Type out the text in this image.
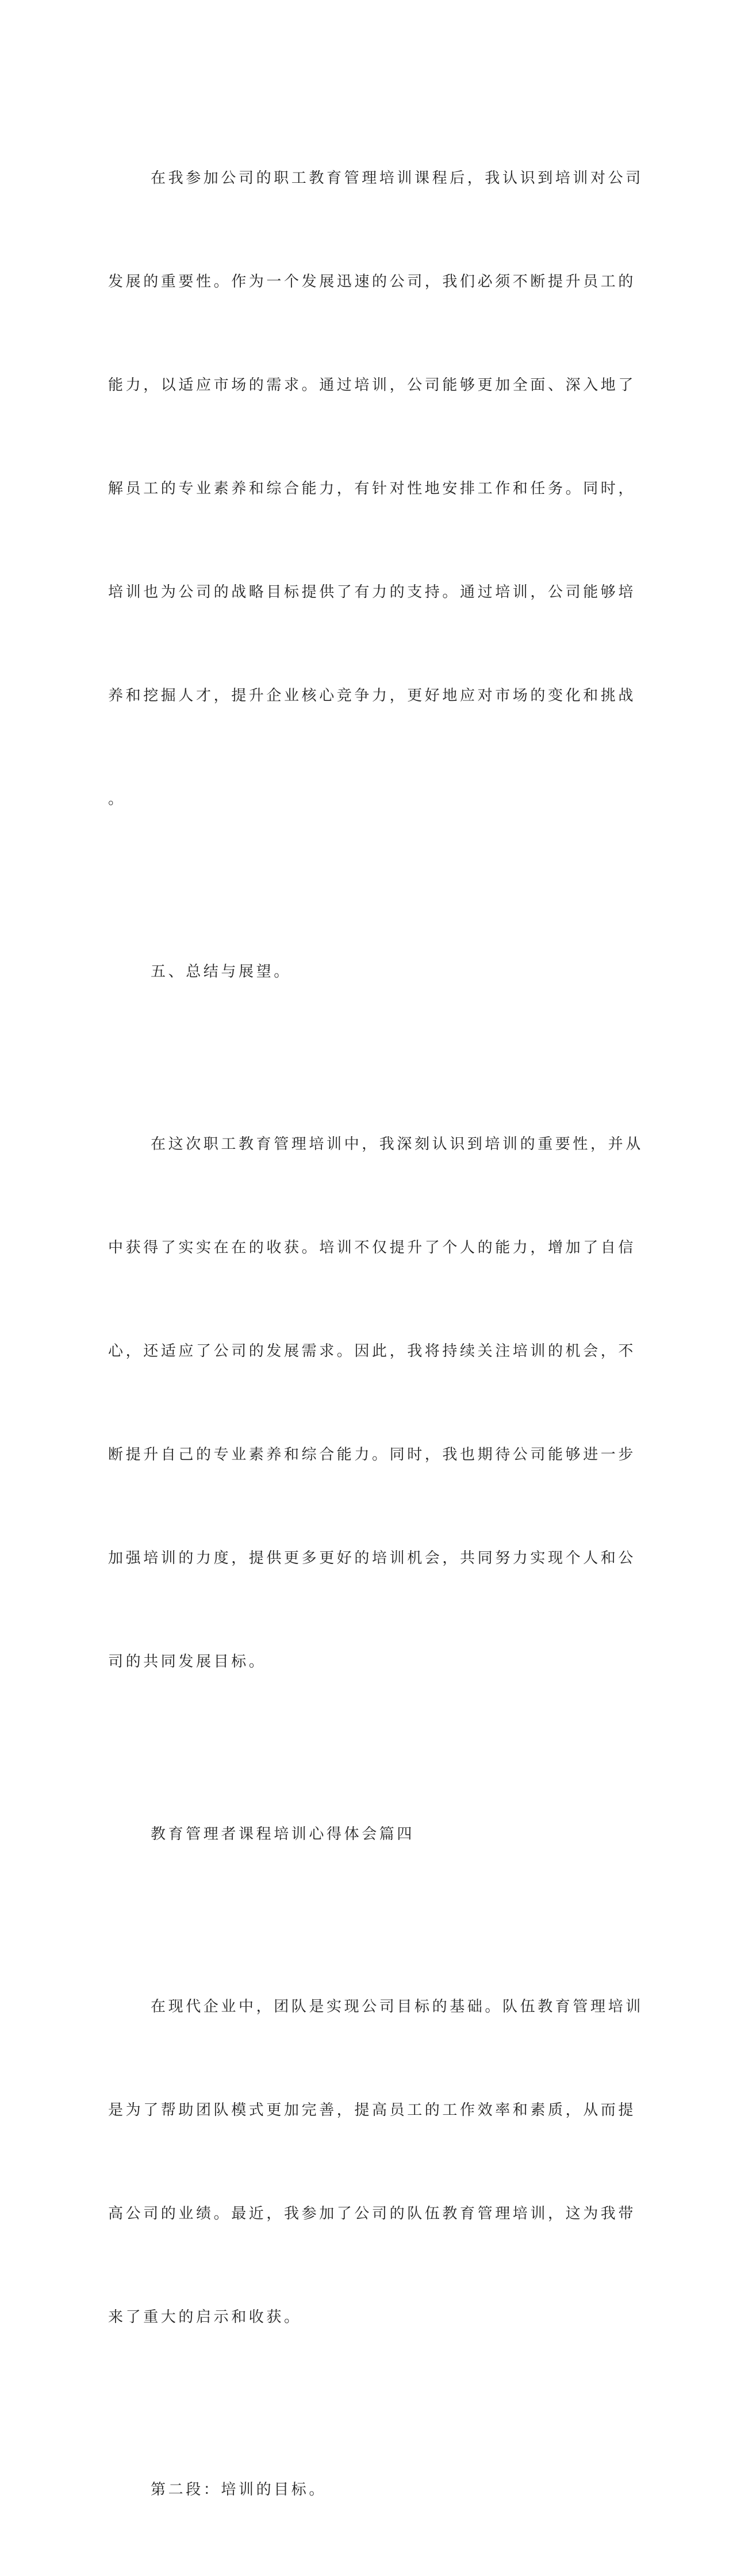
在我参加公司的职工教育管理培训课程后，我认识到培训对公司

发展的重要性。作为一个发展迅速的公司，我们必须不断提升员工的

能力，以适应市场的需求。通过培训，公司能够更加全面、深入地了

解员工的专业素养和综合能力，有针对性地安排工作和任务。同时，

培训也为公司的战略目标提供了有力的支持。通过培训，公司能够培

养和挖掘人才，提升企业核心竞争力，更好地应对市场的变化和挑战

。

五、总结与展望。

在这次职工教育管理培训中，我深刻认识到培训的重要性，并从

中获得了实实在在的收获。培训不仅提升了个人的能力，增加了自信

心，还适应了公司的发展需求。因此，我将持续关注培训的机会，不

断提升自己的专业素养和综合能力。同时，我也期待公司能够进一步

加强培训的力度，提供更多更好的培训机会，共同努力实现个人和公

司的共同发展目标。

教育管理者课程培训心得体会篇四

在现代企业中，团队是实现公司目标的基础。队伍教育管理培训

是为了帮助团队模式更加完善，提高员工的工作效率和素质，从而提

高公司的业绩。最近，我参加了公司的队伍教育管理培训，这为我带

来了重大的启示和收获。

第二段：培训的目标。
